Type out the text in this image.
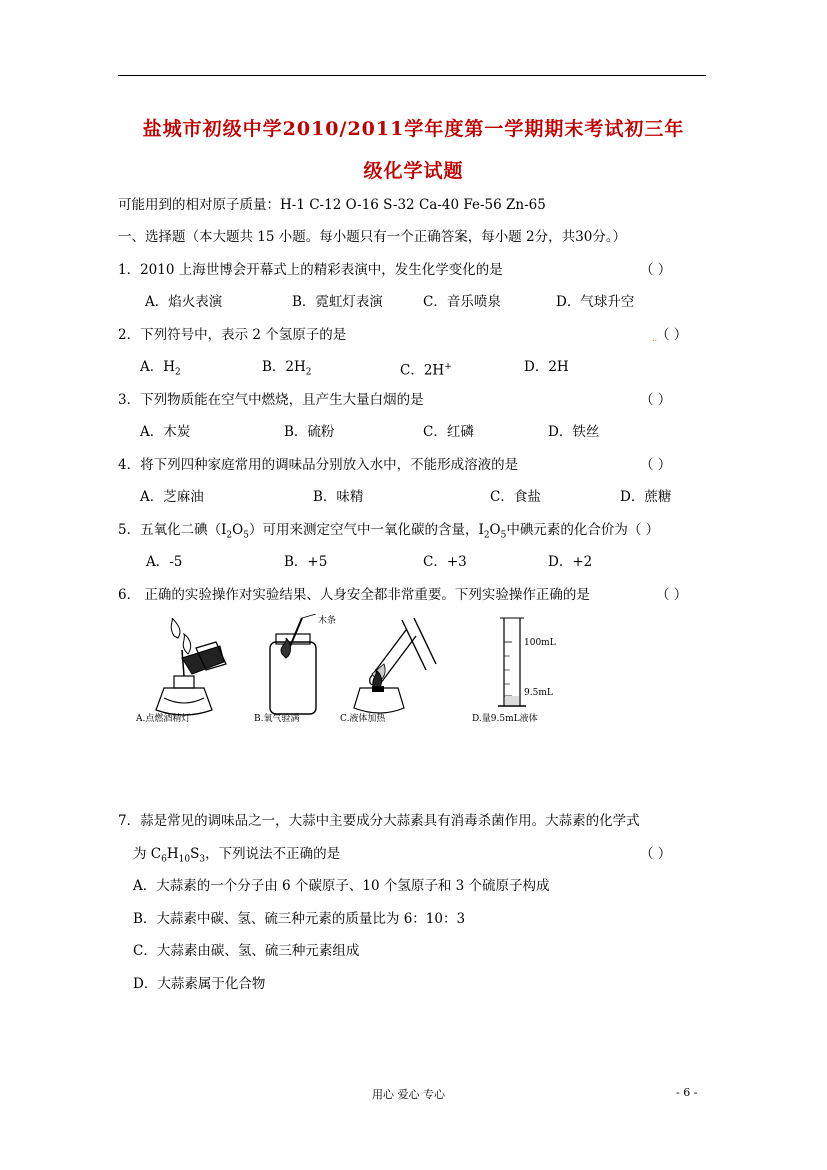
盐城市初级中学2010/2011学年度第一学期期末考试初三年
级化学试题
可能用到的相对原子质量：H-1 C-12 O-16 S-32 Ca-40 Fe-56 Zn-65
一、选择题（本大题共 15 小题。每小题只有一个正确答案，每小题 2分，共30分。）
1．2010 上海世博会开幕式上的精彩表演中，发生化学变化的是	（ ）
A．焰火表演	B．霓虹灯表演	C．音乐喷泉	D．气球升空
2．下列符号中，表示 2 个氢原子的是	..
（ ）
A．$H_2$	B．$2H_2$	C．2H+	D．2H
3．下列物质能在空气中燃烧，且产生大量白烟的是	（ ）
A．木炭	B．硫粉	C．红磷	D．铁丝
4．将下列四种家庭常用的调味品分别放入水中，不能形成溶液的是	（ ）
A．芝麻油	B．味精	C．食盐	D．蔗糖
5．五氧化二碘$(I_2O_5)$可用来测定空气中一氧化碳的含量，$I_2O_5$中碘元素的化合价为（ ）
A．-5	B．+5	C．+3	D．+2
6． 正确的实验操作对实验结果、人身安全都非常重要。下列实验操作正确的是	（ ）
A.点燃酒精灯
木条
B.氧气验满	C.液体加热
100mL
9.5mL
D.量9.5mL液体
7．蒜是常见的调味品之一，大蒜中主要成分大蒜素具有消毒杀菌作用。大蒜素的化学式
为 $C_6H_{10}S_3$，下列说法不正确的是	（ ）
A．大蒜素的一个分子由 6 个碳原子、10 个氢原子和 3 个硫原子构成
B．大蒜素中碳、氢、硫三种元素的质量比为 6：10：3
C．大蒜素由碳、氢、硫三种元素组成
D．大蒜素属于化合物
用心 爱心 专心	- 6 -
